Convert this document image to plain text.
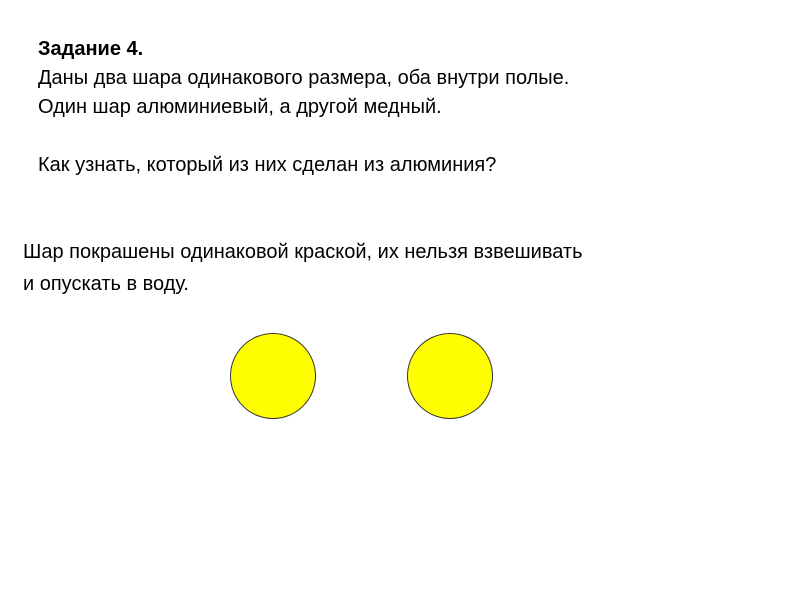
Задание 4.

Даны два шара одинакового размера, оба внутри полые.

Один шар алюминиевый, а другой медный.

Как узнать, который из них сделан из алюминия?

Шар покрашены одинаковой краской, их нельзя взвешивать

и опускать в воду.
